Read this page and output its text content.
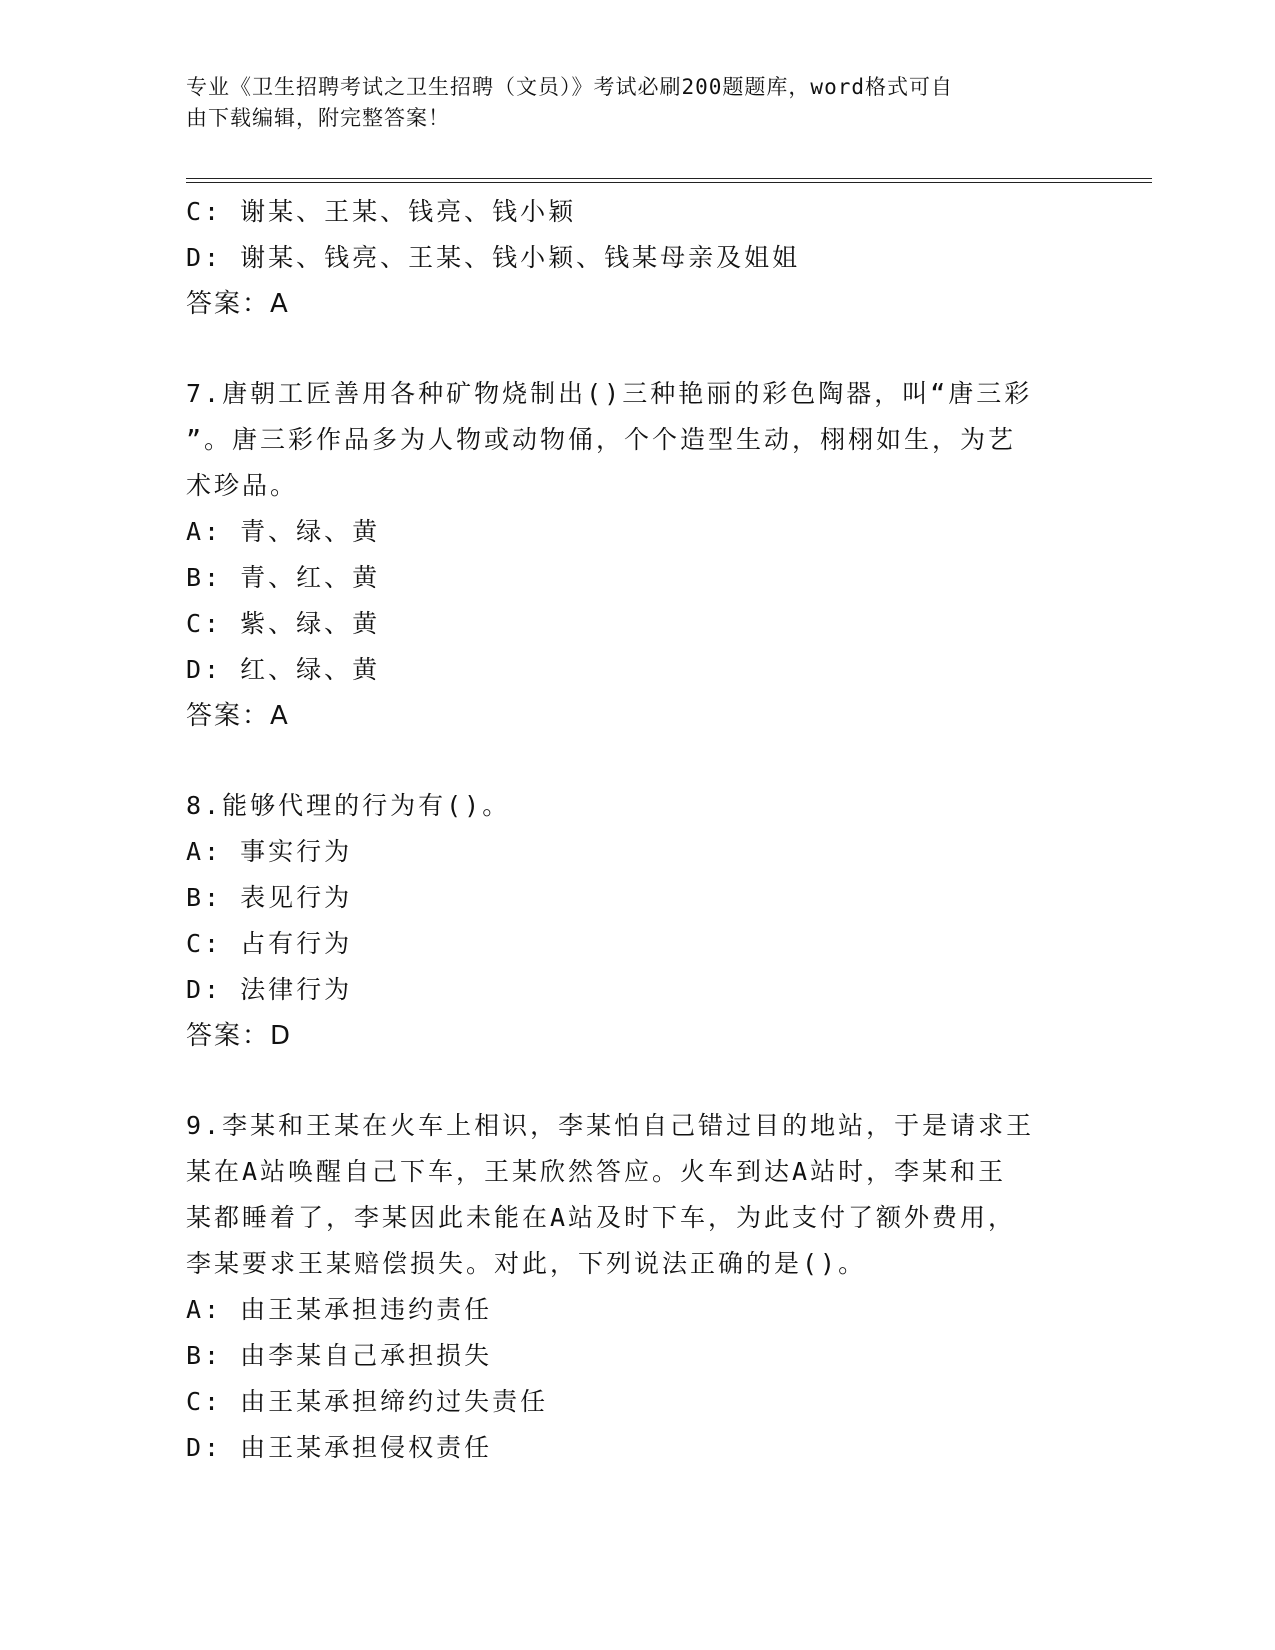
专业《卫生招聘考试之卫生招聘（文员）》考试必刷200题题库，word格式可自
由下载编辑，附完整答案！
C: 谢某、王某、钱亮、钱小颖
D: 谢某、钱亮、王某、钱小颖、钱某母亲及姐姐
答案：A
7.唐朝工匠善用各种矿物烧制出()三种艳丽的彩色陶器，叫“唐三彩
”。唐三彩作品多为人物或动物俑，个个造型生动，栩栩如生，为艺
术珍品。
A: 青、绿、黄
B: 青、红、黄
C: 紫、绿、黄
D: 红、绿、黄
答案：A
8.能够代理的行为有()。
A: 事实行为
B: 表见行为
C: 占有行为
D: 法律行为
答案：D
9.李某和王某在火车上相识，李某怕自己错过目的地站，于是请求王
某在A站唤醒自己下车，王某欣然答应。火车到达A站时，李某和王
某都睡着了，李某因此未能在A站及时下车，为此支付了额外费用，
李某要求王某赔偿损失。对此，下列说法正确的是()。
A: 由王某承担违约责任
B: 由李某自己承担损失
C: 由王某承担缔约过失责任
D: 由王某承担侵权责任
